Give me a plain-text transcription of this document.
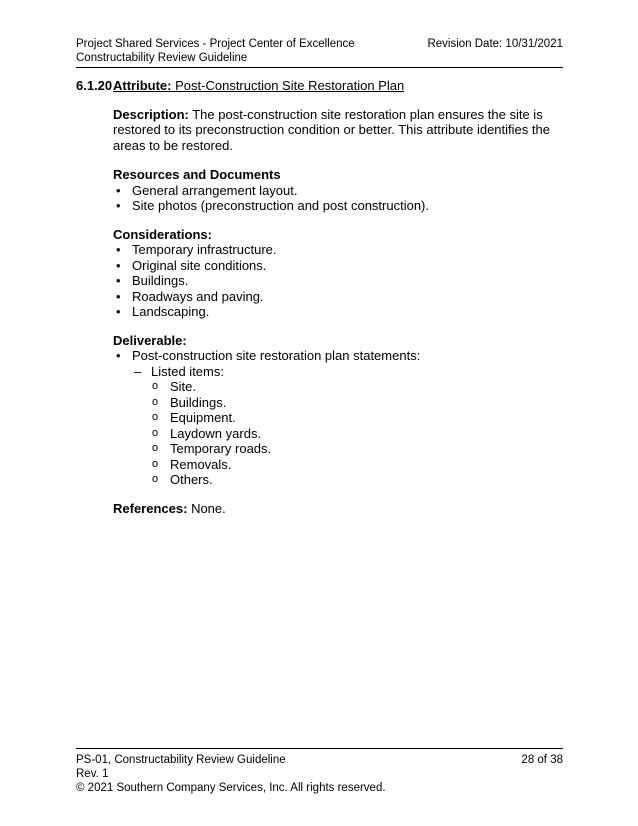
Project Shared Services - Project Center of Excellence	Revision Date: 10/31/2021
Constructability Review Guideline
6.1.20 Attribute: Post-Construction Site Restoration Plan

Description: The post-construction site restoration plan ensures the site is restored to its preconstruction condition or better. This attribute identifies the areas to be restored.

Resources and Documents

• General arrangement layout.
• Site photos (preconstruction and post construction).

Considerations:

• Temporary infrastructure.
• Original site conditions.
• Buildings.
• Roadways and paving.
• Landscaping.

Deliverable:

• Post-construction site restoration plan statements:
– Listed items:
o Site.
o Buildings.
o Equipment.
o Laydown yards.
o Temporary roads.
o Removals.
o Others.

References: None.

PS-01, Constructability Review Guideline	28 of 38
Rev. 1
© 2021 Southern Company Services, Inc. All rights reserved.
